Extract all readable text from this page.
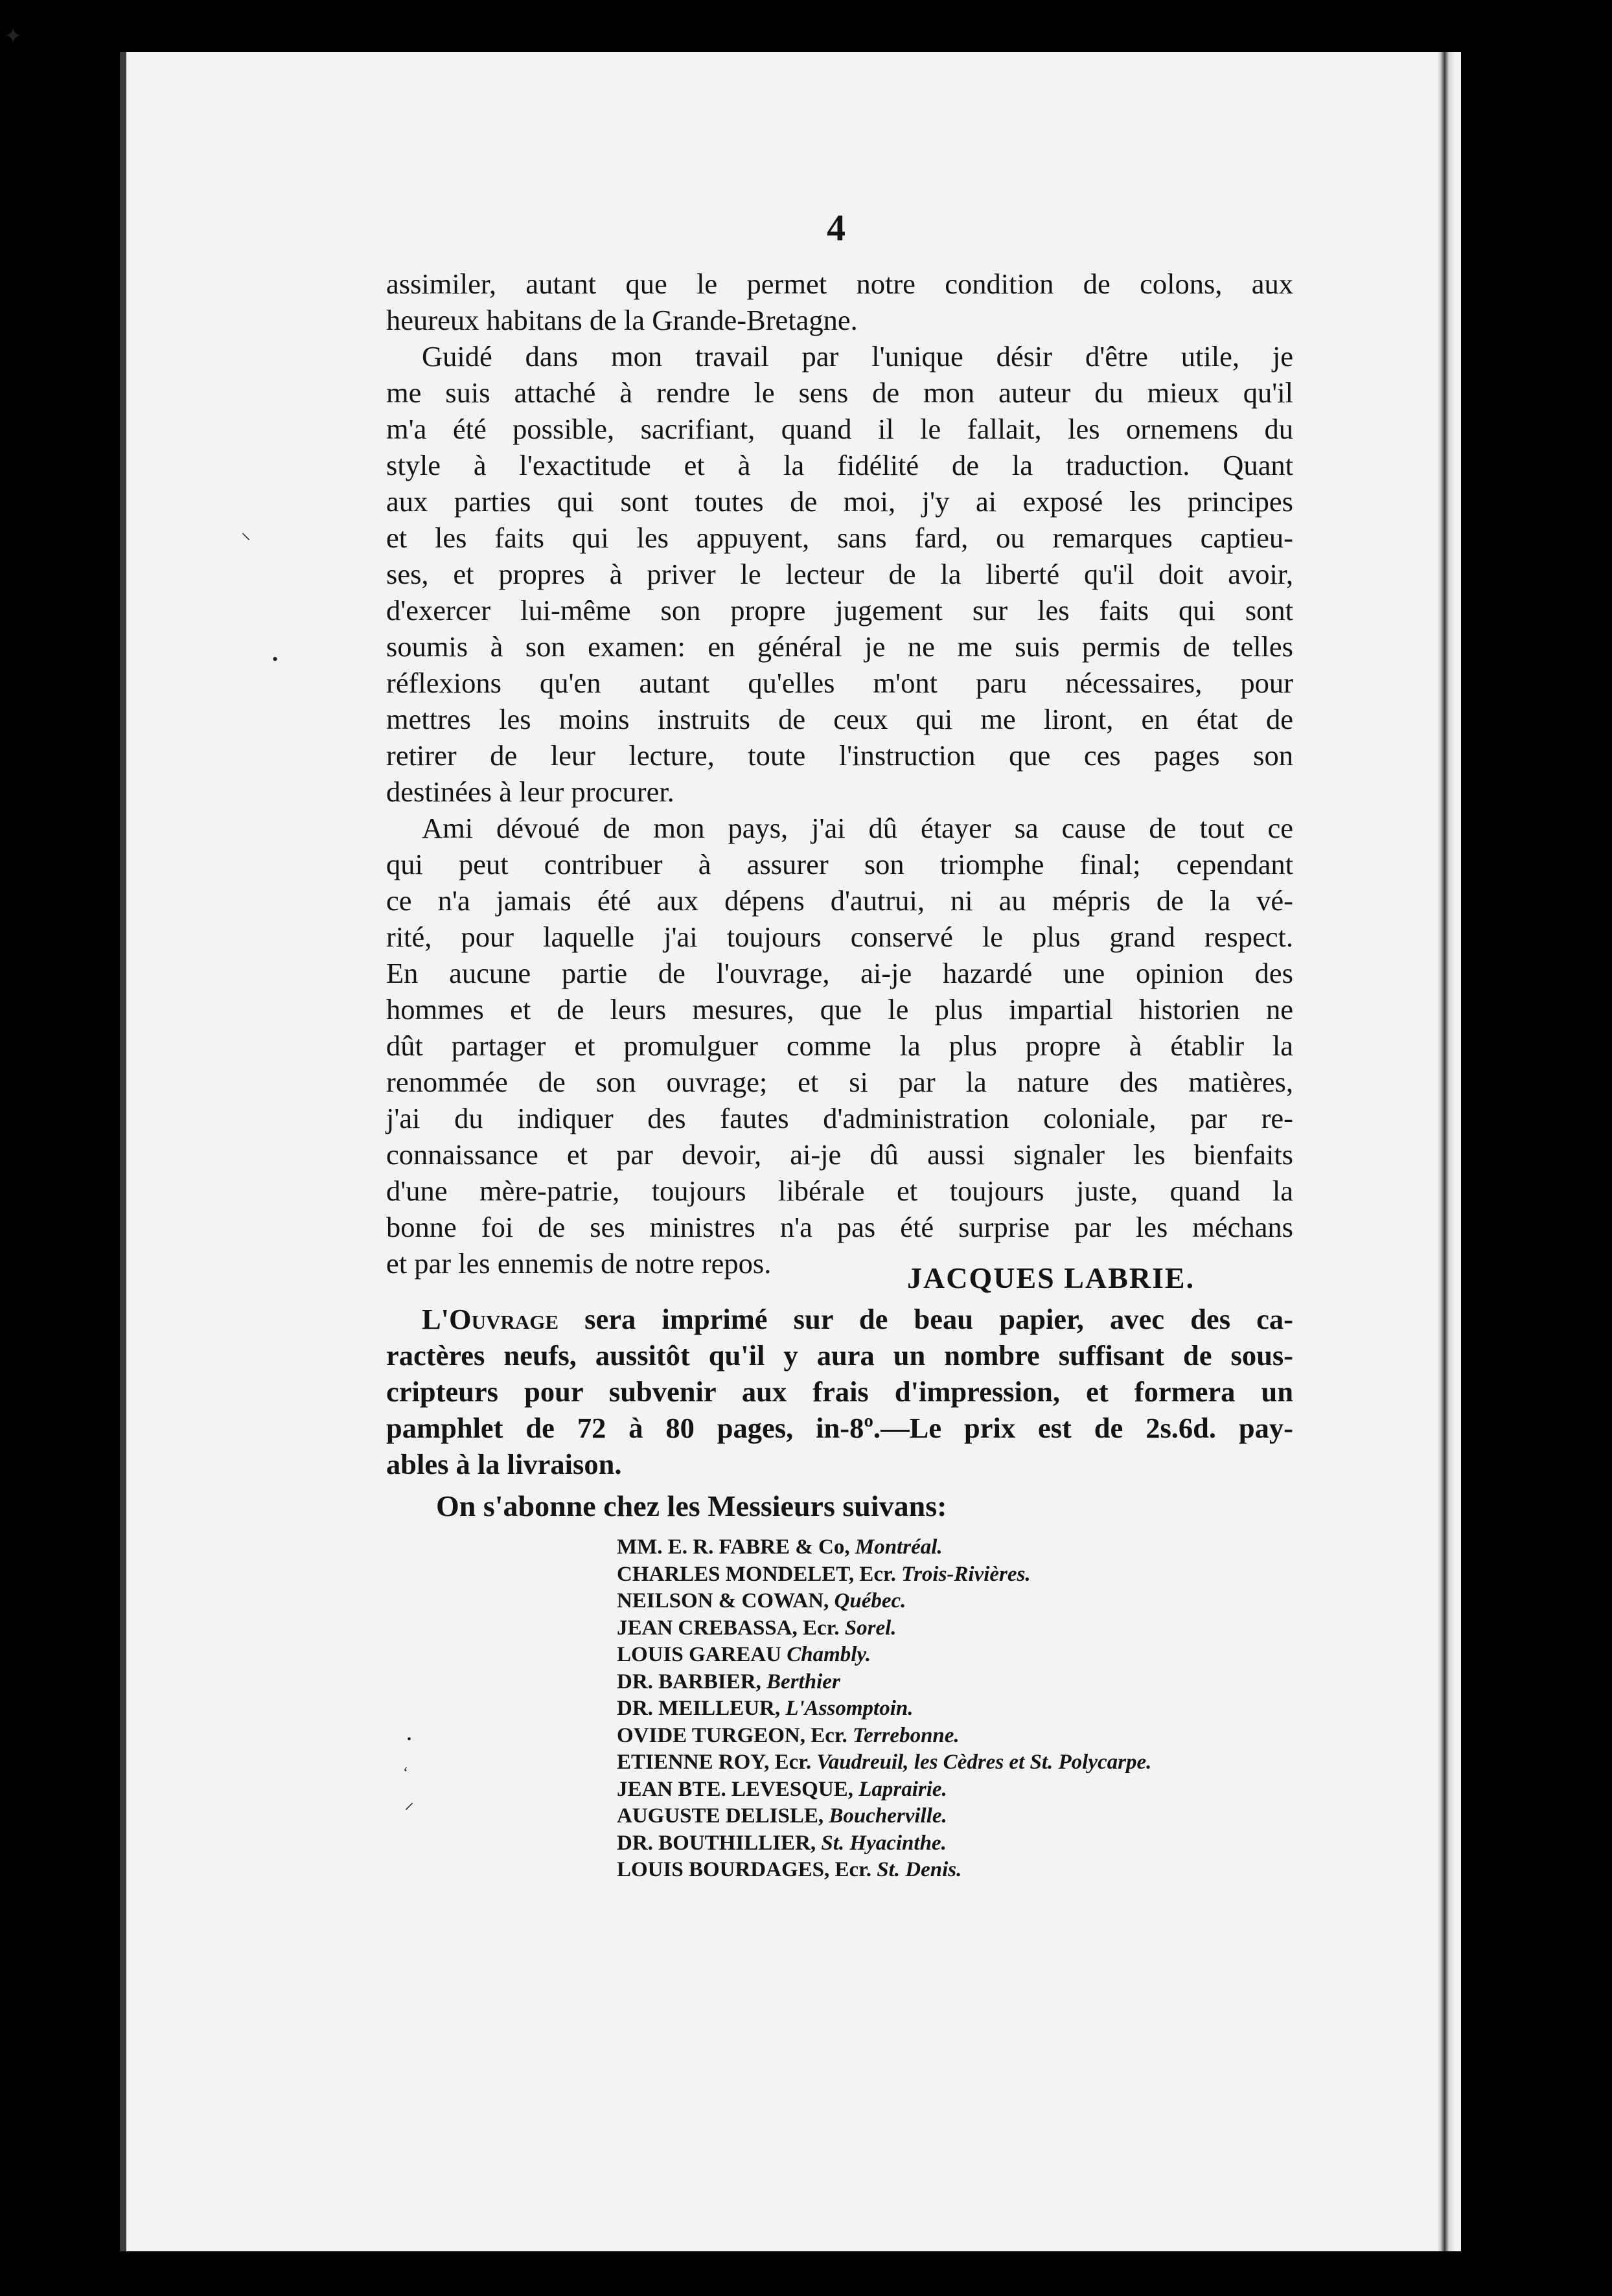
4
assimiler, autant que le permet notre condition de colons, aux
heureux habitans de la Grande-Bretagne.
Guidé dans mon travail par l'unique désir d'être utile, je
me suis attaché à rendre le sens de mon auteur du mieux qu'il
m'a été possible, sacrifiant, quand il le fallait, les ornemens du
style à l'exactitude et à la fidélité de la traduction. Quant
aux parties qui sont toutes de moi, j'y ai exposé les principes
et les faits qui les appuyent, sans fard, ou remarques captieu-
ses, et propres à priver le lecteur de la liberté qu'il doit avoir,
d'exercer lui-même son propre jugement sur les faits qui sont
soumis à son examen: en général je ne me suis permis de telles
réflexions qu'en autant qu'elles m'ont paru nécessaires, pour
mettres les moins instruits de ceux qui me liront, en état de
retirer de leur lecture, toute l'instruction que ces pages son
destinées à leur procurer.
Ami dévoué de mon pays, j'ai dû étayer sa cause de tout ce
qui peut contribuer à assurer son triomphe final; cependant
ce n'a jamais été aux dépens d'autrui, ni au mépris de la vé-
rité, pour laquelle j'ai toujours conservé le plus grand respect.
En aucune partie de l'ouvrage, ai-je hazardé une opinion des
hommes et de leurs mesures, que le plus impartial historien ne
dût partager et promulguer comme la plus propre à établir la
renommée de son ouvrage; et si par la nature des matières,
j'ai du indiquer des fautes d'administration coloniale, par re-
connaissance et par devoir, ai-je dû aussi signaler les bienfaits
d'une mère-patrie, toujours libérale et toujours juste, quand la
bonne foi de ses ministres n'a pas été surprise par les méchans
et par les ennemis de notre repos.	JACQUES LABRIE.
L'Ouvrage sera imprimé sur de beau papier, avec des ca-
ractères neufs, aussitôt qu'il y aura un nombre suffisant de sous-
cripteurs pour subvenir aux frais d'impression, et formera un
pamphlet de 72 à 80 pages, in-8º.—Le prix est de 2s.6d. pay-
ables à la livraison.
On s'abonne chez les Messieurs suivans:
MM. E. R. FABRE & Co, Montréal.
CHARLES MONDELET, Ecr. Trois-Rivières.
NEILSON & COWAN, Québec.
JEAN CREBASSA, Ecr. Sorel.
LOUIS GAREAU Chambly.
DR. BARBIER, Berthier
DR. MEILLEUR, L'Assomptoin.
OVIDE TURGEON, Ecr. Terrebonne.
ETIENNE ROY, Ecr. Vaudreuil, les Cèdres et St. Polycarpe.
JEAN BTE. LEVESQUE, Laprairie.
AUGUSTE DELISLE, Boucherville.
DR. BOUTHILLIER, St. Hyacinthe.
LOUIS BOURDAGES, Ecr. St. Denis.
✦
⸌
•
•
‘
⸍
